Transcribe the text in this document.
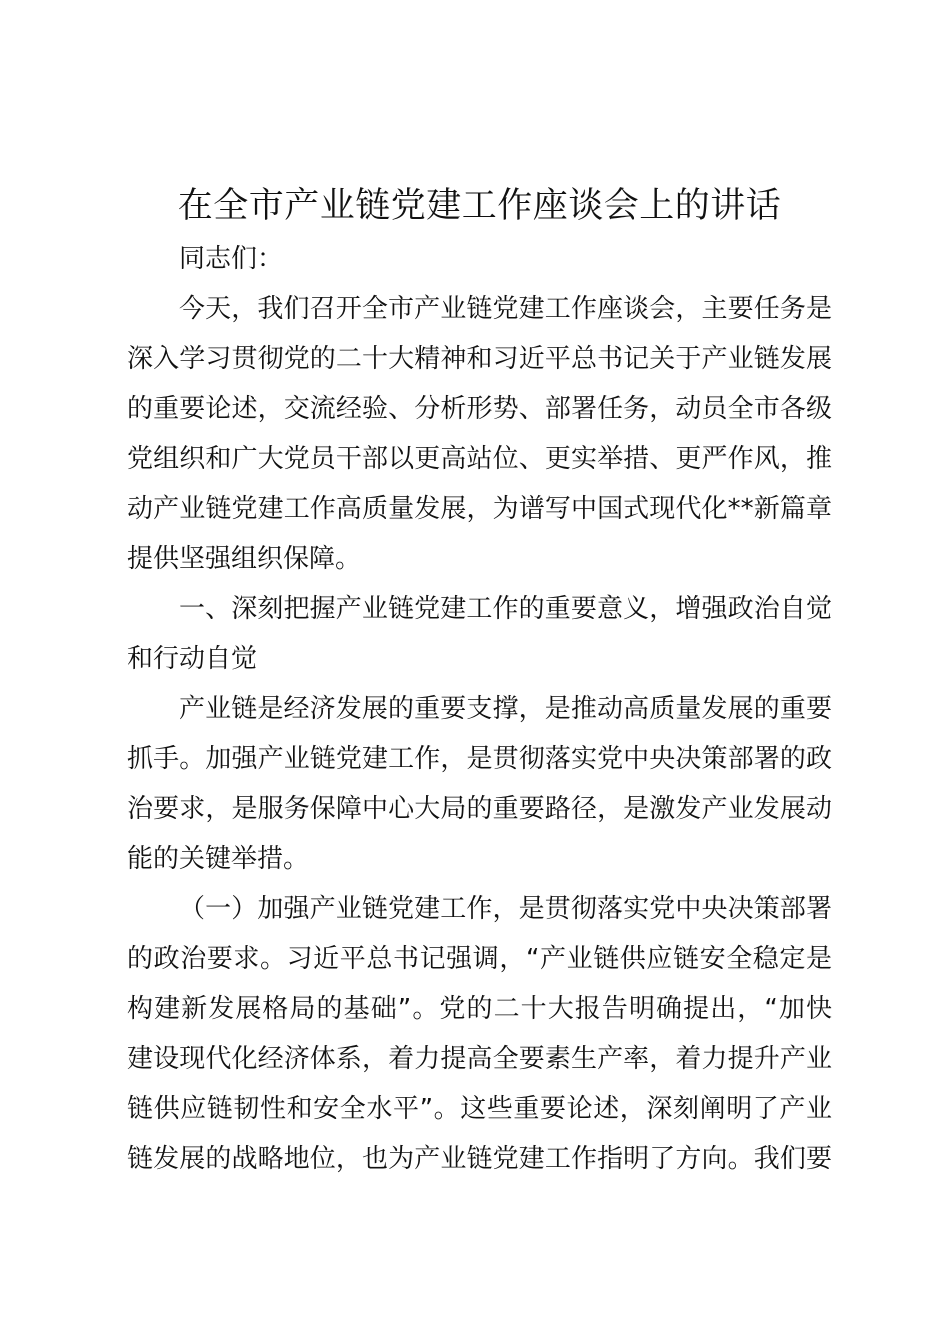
在全市产业链党建工作座谈会上的讲话

同志们：

今天，我们召开全市产业链党建工作座谈会，主要任务是
深入学习贯彻党的二十大精神和习近平总书记关于产业链发展
的重要论述，交流经验、分析形势、部署任务，动员全市各级
党组织和广大党员干部以更高站位、更实举措、更严作风，推
动产业链党建工作高质量发展，为谱写中国式现代化**新篇章
提供坚强组织保障。

一、深刻把握产业链党建工作的重要意义，增强政治自觉
和行动自觉

产业链是经济发展的重要支撑，是推动高质量发展的重要
抓手。加强产业链党建工作，是贯彻落实党中央决策部署的政
治要求，是服务保障中心大局的重要路径，是激发产业发展动
能的关键举措。

（一）加强产业链党建工作，是贯彻落实党中央决策部署
的政治要求。习近平总书记强调，“产业链供应链安全稳定是
构建新发展格局的基础”。党的二十大报告明确提出，“加快
建设现代化经济体系，着力提高全要素生产率，着力提升产业
链供应链韧性和安全水平”。这些重要论述，深刻阐明了产业
链发展的战略地位，也为产业链党建工作指明了方向。我们要
